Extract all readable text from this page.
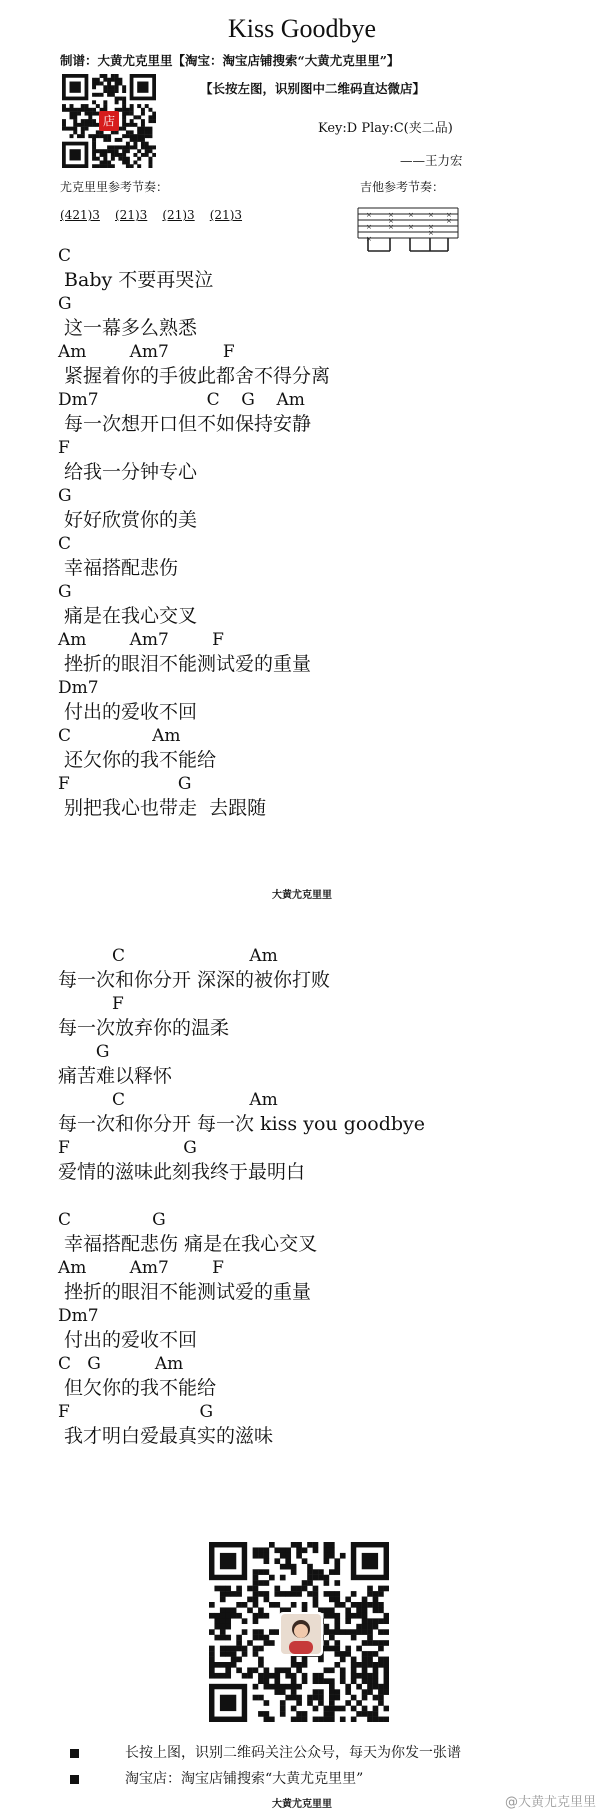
Kiss Goodbye
制谱：大黄尤克里里【淘宝：淘宝店铺搜索“大黄尤克里里”】
店
【长按左图，识别图中二维码直达微店】
Key:D Play:C(夹二品)
——王力宏
尤克里里参考节奏：	吉他参考节奏：
(421)3 (21)3 (21)3 (21)3	×
×
×
×
×
×
×
×
×
×
×
×
×
C
Baby 不要再哭泣
G
这一幕多么熟悉
Am        Am7          F
紧握着你的手彼此都舍不得分离
Dm7                    C    G    Am
每一次想开口但不如保持安静
F
给我一分钟专心
G
好好欣赏你的美
C
幸福搭配悲伤
G
痛是在我心交叉
Am        Am7        F
挫折的眼泪不能测试爱的重量
Dm7
付出的爱收不回
C               Am
还欠你的我不能给
F                    G
别把我心也带走  去跟随
大黄尤克里里
C                       Am
每一次和你分开 深深的被你打败
F
每一次放弃你的温柔
G
痛苦难以释怀
C                       Am
每一次和你分开 每一次 kiss you goodbye
F                     G
爱情的滋味此刻我终于最明白
C               G
幸福搭配悲伤 痛是在我心交叉
Am        Am7        F
挫折的眼泪不能测试爱的重量
Dm7
付出的爱收不回
C   G          Am
但欠你的我不能给
F                        G
我才明白爱最真实的滋味
长按上图，识别二维码关注公众号，每天为你发一张谱
淘宝店：淘宝店铺搜索“大黄尤克里里”
大黄尤克里里	@大黄尤克里里
